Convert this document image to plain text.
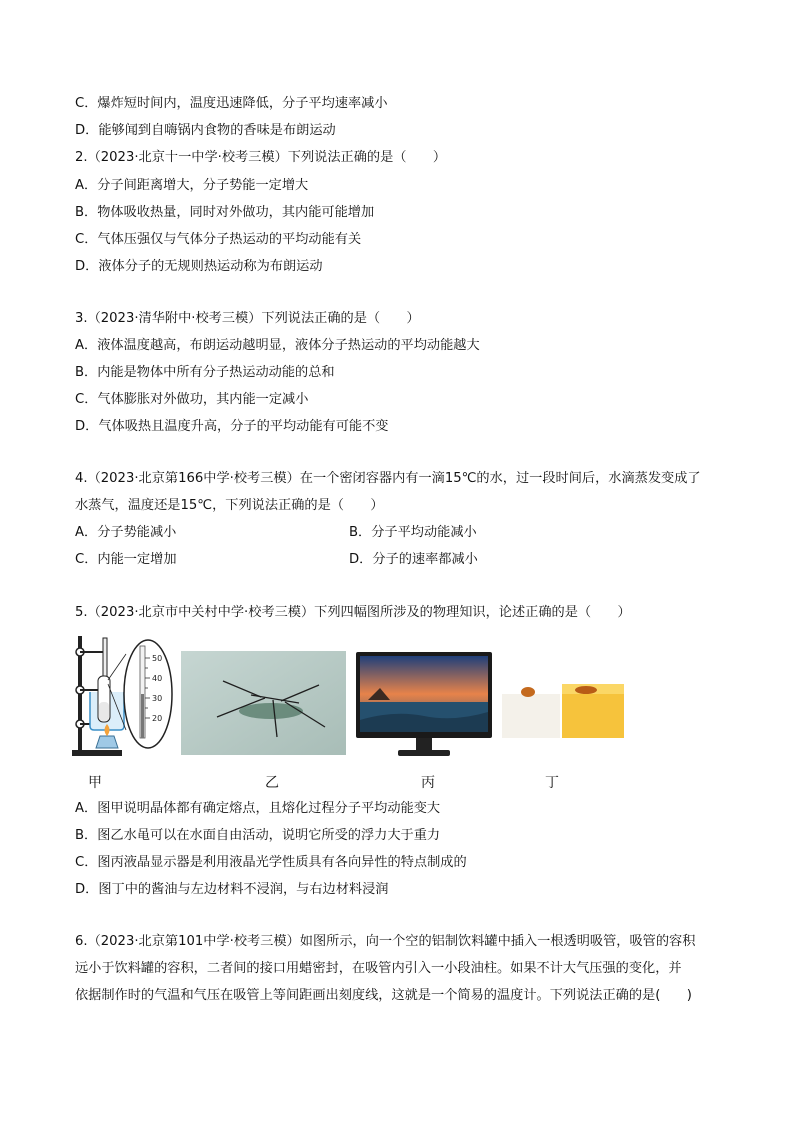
C．爆炸短时间内，温度迅速降低，分子平均速率减小
D．能够闻到自嗨锅内食物的香味是布朗运动
2.（2023·北京十一中学·校考三模）下列说法正确的是（　　）
A．分子间距离增大，分子势能一定增大
B．物体吸收热量，同时对外做功，其内能可能增加
C．气体压强仅与气体分子热运动的平均动能有关
D．液体分子的无规则热运动称为布朗运动
3.（2023·清华附中·校考三模）下列说法正确的是（　　）
A．液体温度越高，布朗运动越明显，液体分子热运动的平均动能越大
B．内能是物体中所有分子热运动动能的总和
C．气体膨胀对外做功，其内能一定减小
D．气体吸热且温度升高，分子的平均动能有可能不变
4.（2023·北京第166中学·校考三模）在一个密闭容器内有一滴15℃的水，过一段时间后，水滴蒸发变成了
水蒸气，温度还是15℃，下列说法正确的是（　　）
A．分子势能减小	B．分子平均动能减小
C．内能一定增加	D．分子的速率都减小
5.（2023·北京市中关村中学·校考三模）下列四幅图所涉及的物理知识，论述正确的是（　　）
50
40
30
20
甲	乙	丙	丁
A．图甲说明晶体都有确定熔点，且熔化过程分子平均动能变大
B．图乙水黾可以在水面自由活动，说明它所受的浮力大于重力
C．图丙液晶显示器是利用液晶光学性质具有各向异性的特点制成的
D．图丁中的酱油与左边材料不浸润，与右边材料浸润
6.（2023·北京第101中学·校考三模）如图所示，向一个空的铝制饮料罐中插入一根透明吸管，吸管的容积
远小于饮料罐的容积，二者间的接口用蜡密封，在吸管内引入一小段油柱。如果不计大气压强的变化，并
依据制作时的气温和气压在吸管上等间距画出刻度线，这就是一个简易的温度计。下列说法正确的是(　　)
